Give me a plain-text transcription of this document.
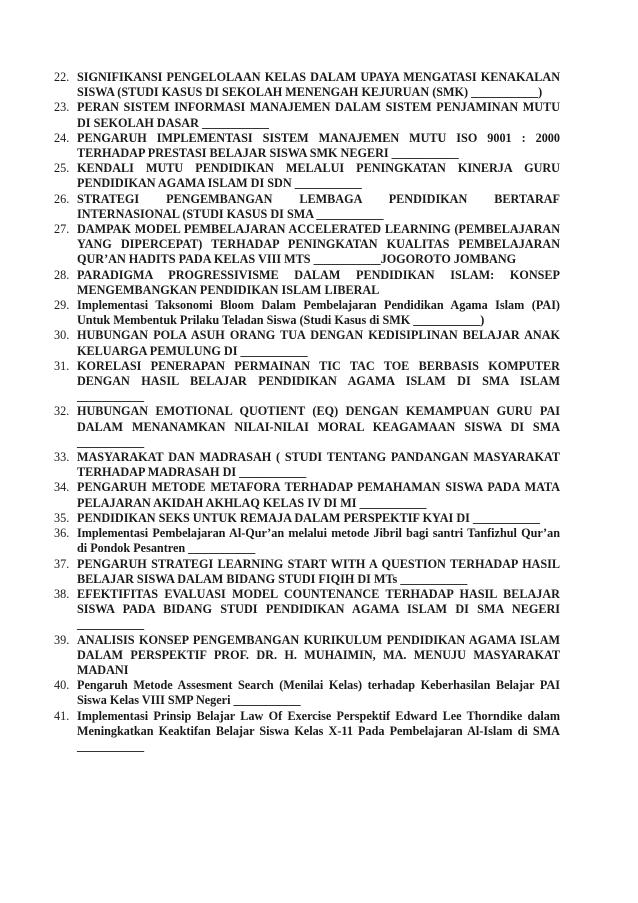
22. SIGNIFIKANSI PENGELOLAAN KELAS DALAM UPAYA MENGATASI KENAKALAN SISWA (STUDI KASUS DI SEKOLAH MENENGAH KEJURUAN (SMK) ___________)
23. PERAN SISTEM INFORMASI MANAJEMEN DALAM SISTEM PENJAMINAN MUTU DI SEKOLAH DASAR ___________
24. PENGARUH IMPLEMENTASI SISTEM MANAJEMEN MUTU ISO 9001 : 2000 TERHADAP PRESTASI BELAJAR SISWA SMK NEGERI ___________
25. KENDALI MUTU PENDIDIKAN MELALUI PENINGKATAN KINERJA GURU PENDIDIKAN AGAMA ISLAM DI SDN ___________
26. STRATEGI PENGEMBANGAN LEMBAGA PENDIDIKAN BERTARAF INTERNASIONAL (STUDI KASUS DI SMA ___________
27. DAMPAK MODEL PEMBELAJARAN ACCELERATED LEARNING (PEMBELAJARAN YANG DIPERCEPAT) TERHADAP PENINGKATAN KUALITAS PEMBELAJARAN QUR’AN HADITS PADA KELAS VIII MTS ___________JOGOROTO JOMBANG
28. PARADIGMA PROGRESSIVISME DALAM PENDIDIKAN ISLAM: KONSEP MENGEMBANGKAN PENDIDIKAN ISLAM LIBERAL
29. Implementasi Taksonomi Bloom Dalam Pembelajaran Pendidikan Agama Islam (PAI) Untuk Membentuk Prilaku Teladan Siswa (Studi Kasus di SMK ___________)
30. HUBUNGAN POLA ASUH ORANG TUA DENGAN KEDISIPLINAN BELAJAR ANAK KELUARGA PEMULUNG DI ___________
31. KORELASI PENERAPAN PERMAINAN TIC TAC TOE BERBASIS KOMPUTER DENGAN HASIL BELAJAR PENDIDIKAN AGAMA ISLAM DI SMA ISLAM ___________
32. HUBUNGAN EMOTIONAL QUOTIENT (EQ) DENGAN KEMAMPUAN GURU PAI DALAM MENANAMKAN NILAI-NILAI MORAL KEAGAMAAN SISWA DI SMA ___________
33. MASYARAKAT DAN MADRASAH ( STUDI TENTANG PANDANGAN MASYARAKAT TERHADAP MADRASAH DI ___________
34. PENGARUH METODE METAFORA TERHADAP PEMAHAMAN SISWA PADA MATA PELAJARAN AKIDAH AKHLAQ KELAS IV DI MI ___________
35. PENDIDIKAN SEKS UNTUK REMAJA DALAM PERSPEKTIF KYAI DI ___________
36. Implementasi Pembelajaran Al-Qur’an melalui metode Jibril bagi santri Tanfizhul Qur’an di Pondok Pesantren ___________
37. PENGARUH STRATEGI LEARNING START WITH A QUESTION TERHADAP HASIL BELAJAR SISWA DALAM BIDANG STUDI FIQIH DI MTs ___________
38. EFEKTIFITAS EVALUASI MODEL COUNTENANCE TERHADAP HASIL BELAJAR SISWA PADA BIDANG STUDI PENDIDIKAN AGAMA ISLAM DI SMA NEGERI ___________
39. ANALISIS KONSEP PENGEMBANGAN KURIKULUM PENDIDIKAN AGAMA ISLAM DALAM PERSPEKTIF PROF. DR. H. MUHAIMIN, MA. MENUJU MASYARAKAT MADANI
40. Pengaruh Metode Assesment Search (Menilai Kelas) terhadap Keberhasilan Belajar PAI Siswa Kelas VIII SMP Negeri ___________
41. Implementasi Prinsip Belajar Law Of Exercise Perspektif Edward Lee Thorndike dalam Meningkatkan Keaktifan Belajar Siswa Kelas X-11 Pada Pembelajaran Al-Islam di SMA ___________
